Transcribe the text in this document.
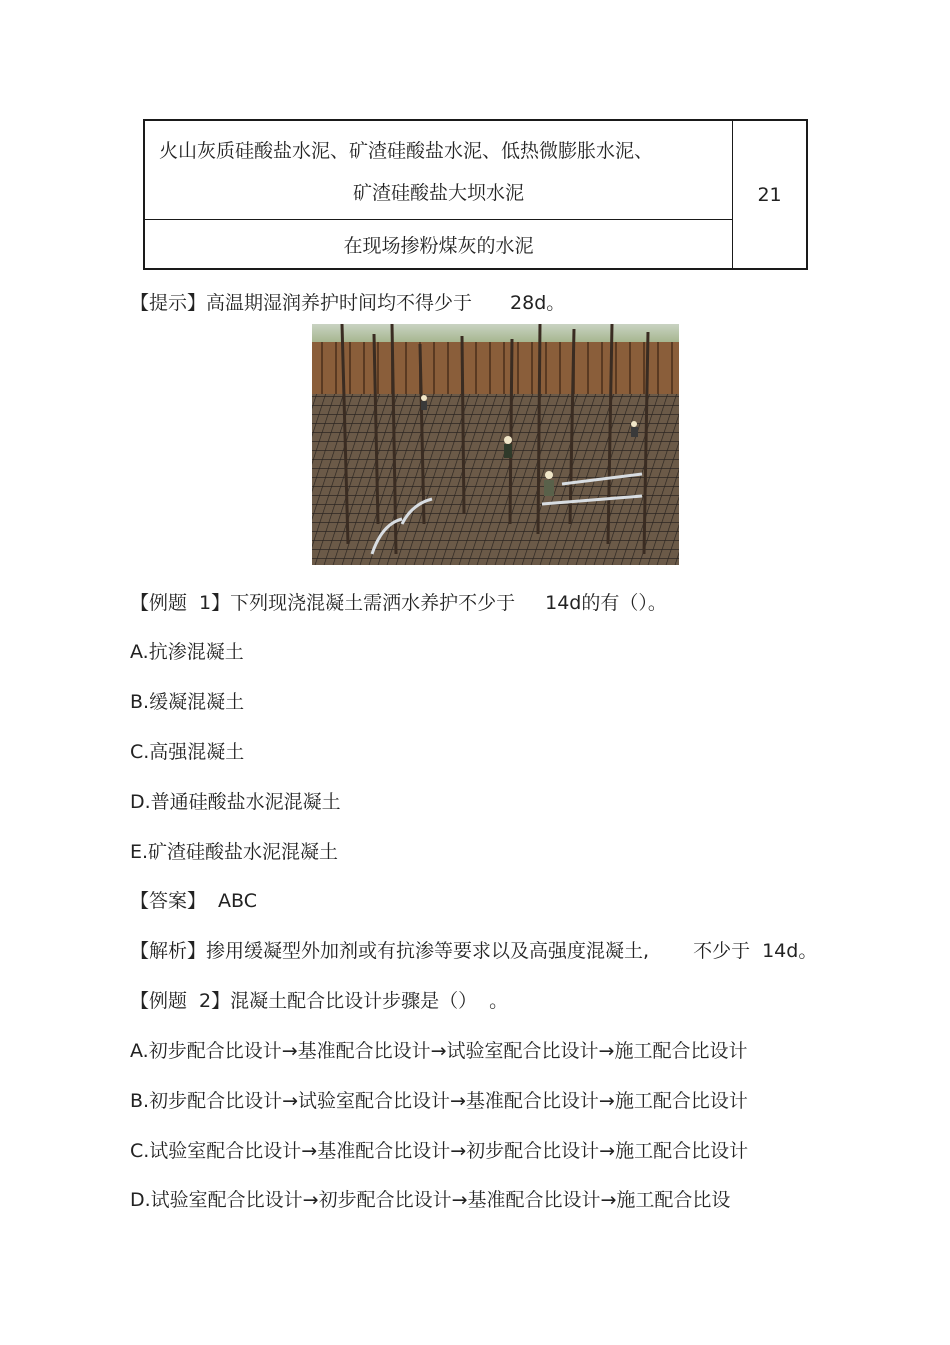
火山灰质硅酸盐水泥、矿渣硅酸盐水泥、低热微膨胀水泥、
矿渣硅酸盐大坝水泥	21
在现场掺粉煤灰的水泥
【提示】高温期湿润养护时间均不得少于 28d。
【例题 1】下列现浇混凝土需洒水养护不少于 14d的有（）。
A.抗渗混凝土
B.缓凝混凝土
C.高强混凝土
D.普通硅酸盐水泥混凝土
E.矿渣硅酸盐水泥混凝土
【答案】 ABC
【解析】掺用缓凝型外加剂或有抗渗等要求以及高强度混凝土, 不少于 14d。
【例题 2】混凝土配合比设计步骤是（） 。
A.初步配合比设计→基准配合比设计→试验室配合比设计→施工配合比设计
B.初步配合比设计→试验室配合比设计→基准配合比设计→施工配合比设计
C.试验室配合比设计→基准配合比设计→初步配合比设计→施工配合比设计
D.试验室配合比设计→初步配合比设计→基准配合比设计→施工配合比设
